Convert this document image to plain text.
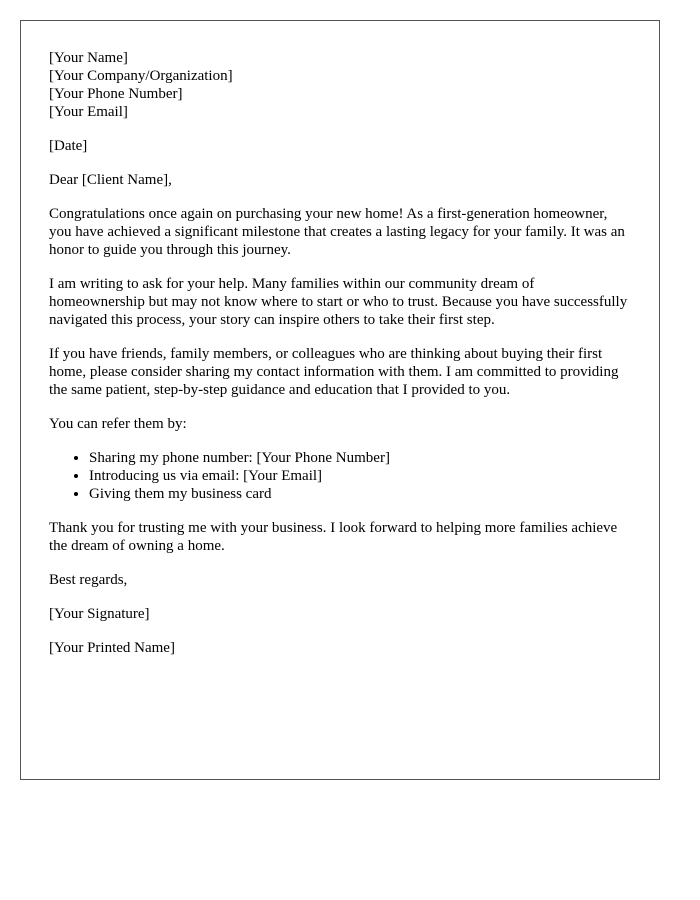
[Your Name]
[Your Company/Organization]
[Your Phone Number]
[Your Email]

[Date]

Dear [Client Name],

Congratulations once again on purchasing your new home! As a first-generation homeowner, you have achieved a significant milestone that creates a lasting legacy for your family. It was an honor to guide you through this journey.

I am writing to ask for your help. Many families within our community dream of homeownership but may not know where to start or who to trust. Because you have successfully navigated this process, your story can inspire others to take their first step.

If you have friends, family members, or colleagues who are thinking about buying their first home, please consider sharing my contact information with them. I am committed to providing the same patient, step-by-step guidance and education that I provided to you.

You can refer them by:

• Sharing my phone number: [Your Phone Number]
• Introducing us via email: [Your Email]
• Giving them my business card

Thank you for trusting me with your business. I look forward to helping more families achieve the dream of owning a home.

Best regards,

[Your Signature]

[Your Printed Name]
